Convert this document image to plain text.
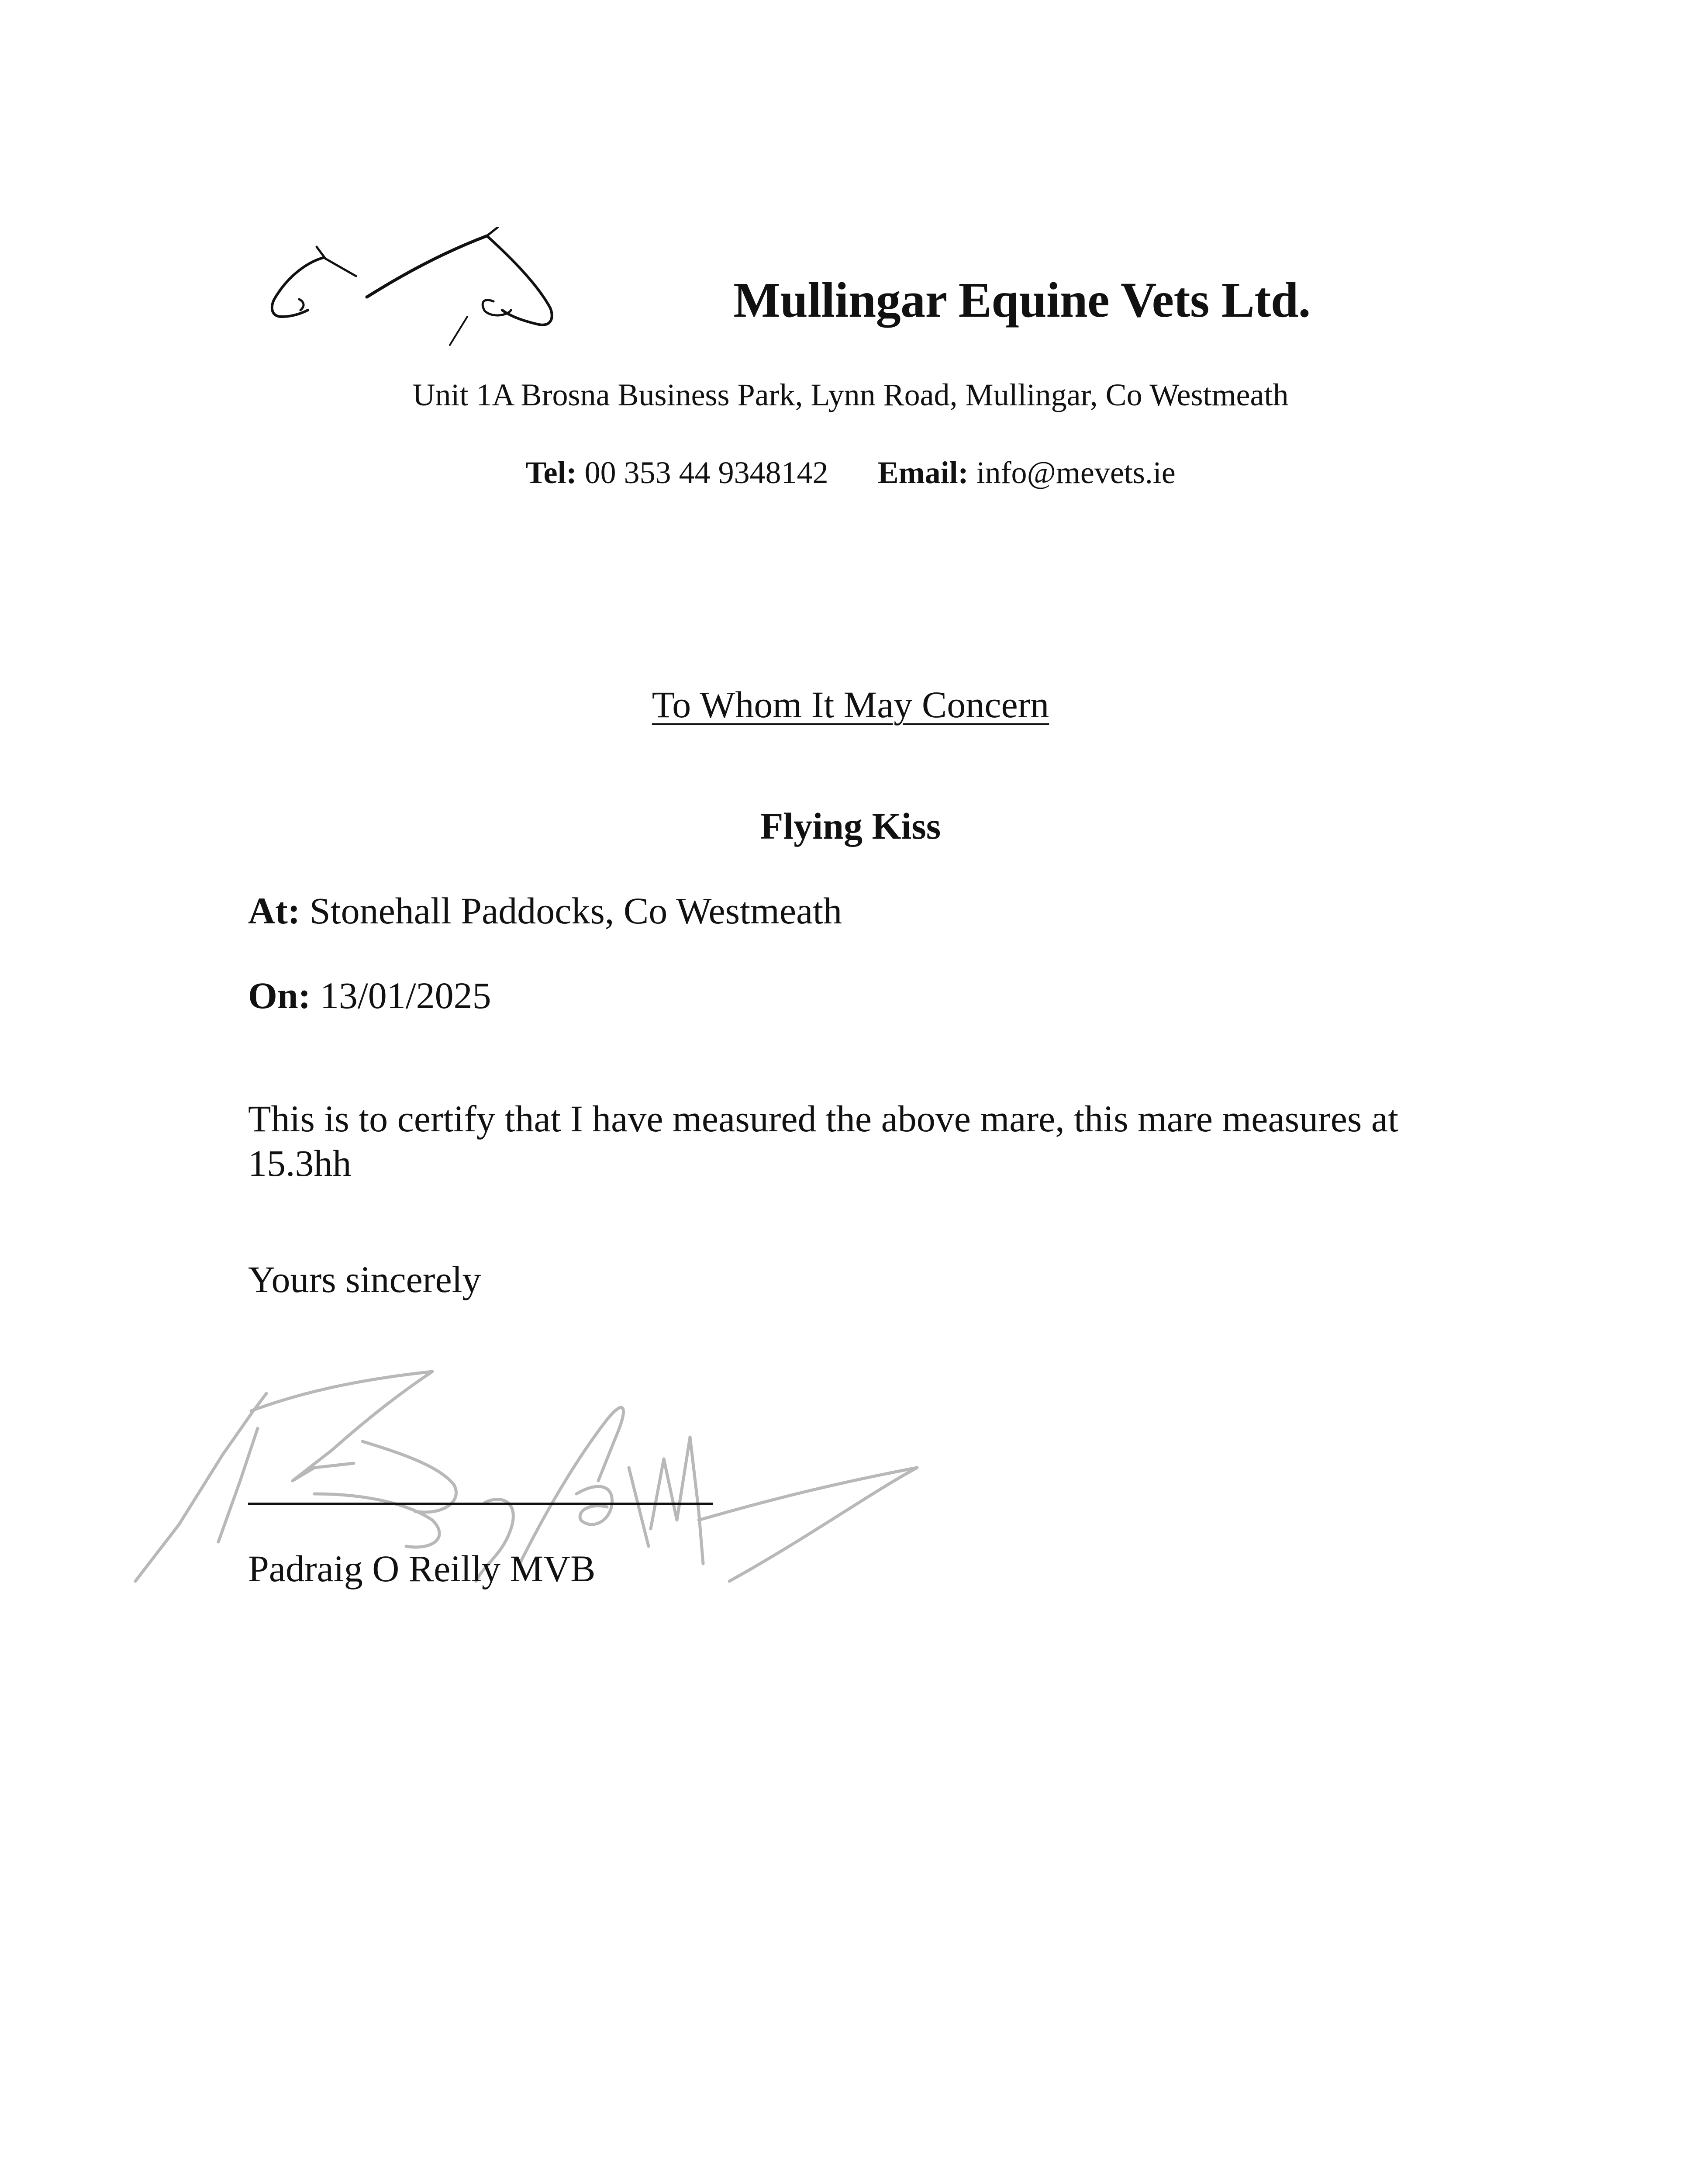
Mullingar Equine Vets Ltd.
Unit 1A Brosna Business Park, Lynn Road, Mullingar, Co Westmeath
Tel: 00 353 44 9348142 Email: info@mevets.ie
To Whom It May Concern
Flying Kiss
At: Stonehall Paddocks, Co Westmeath
On: 13/01/2025
This is to certify that I have measured the above mare, this mare measures at 15.3hh
Yours sincerely
Padraig O Reilly MVB
